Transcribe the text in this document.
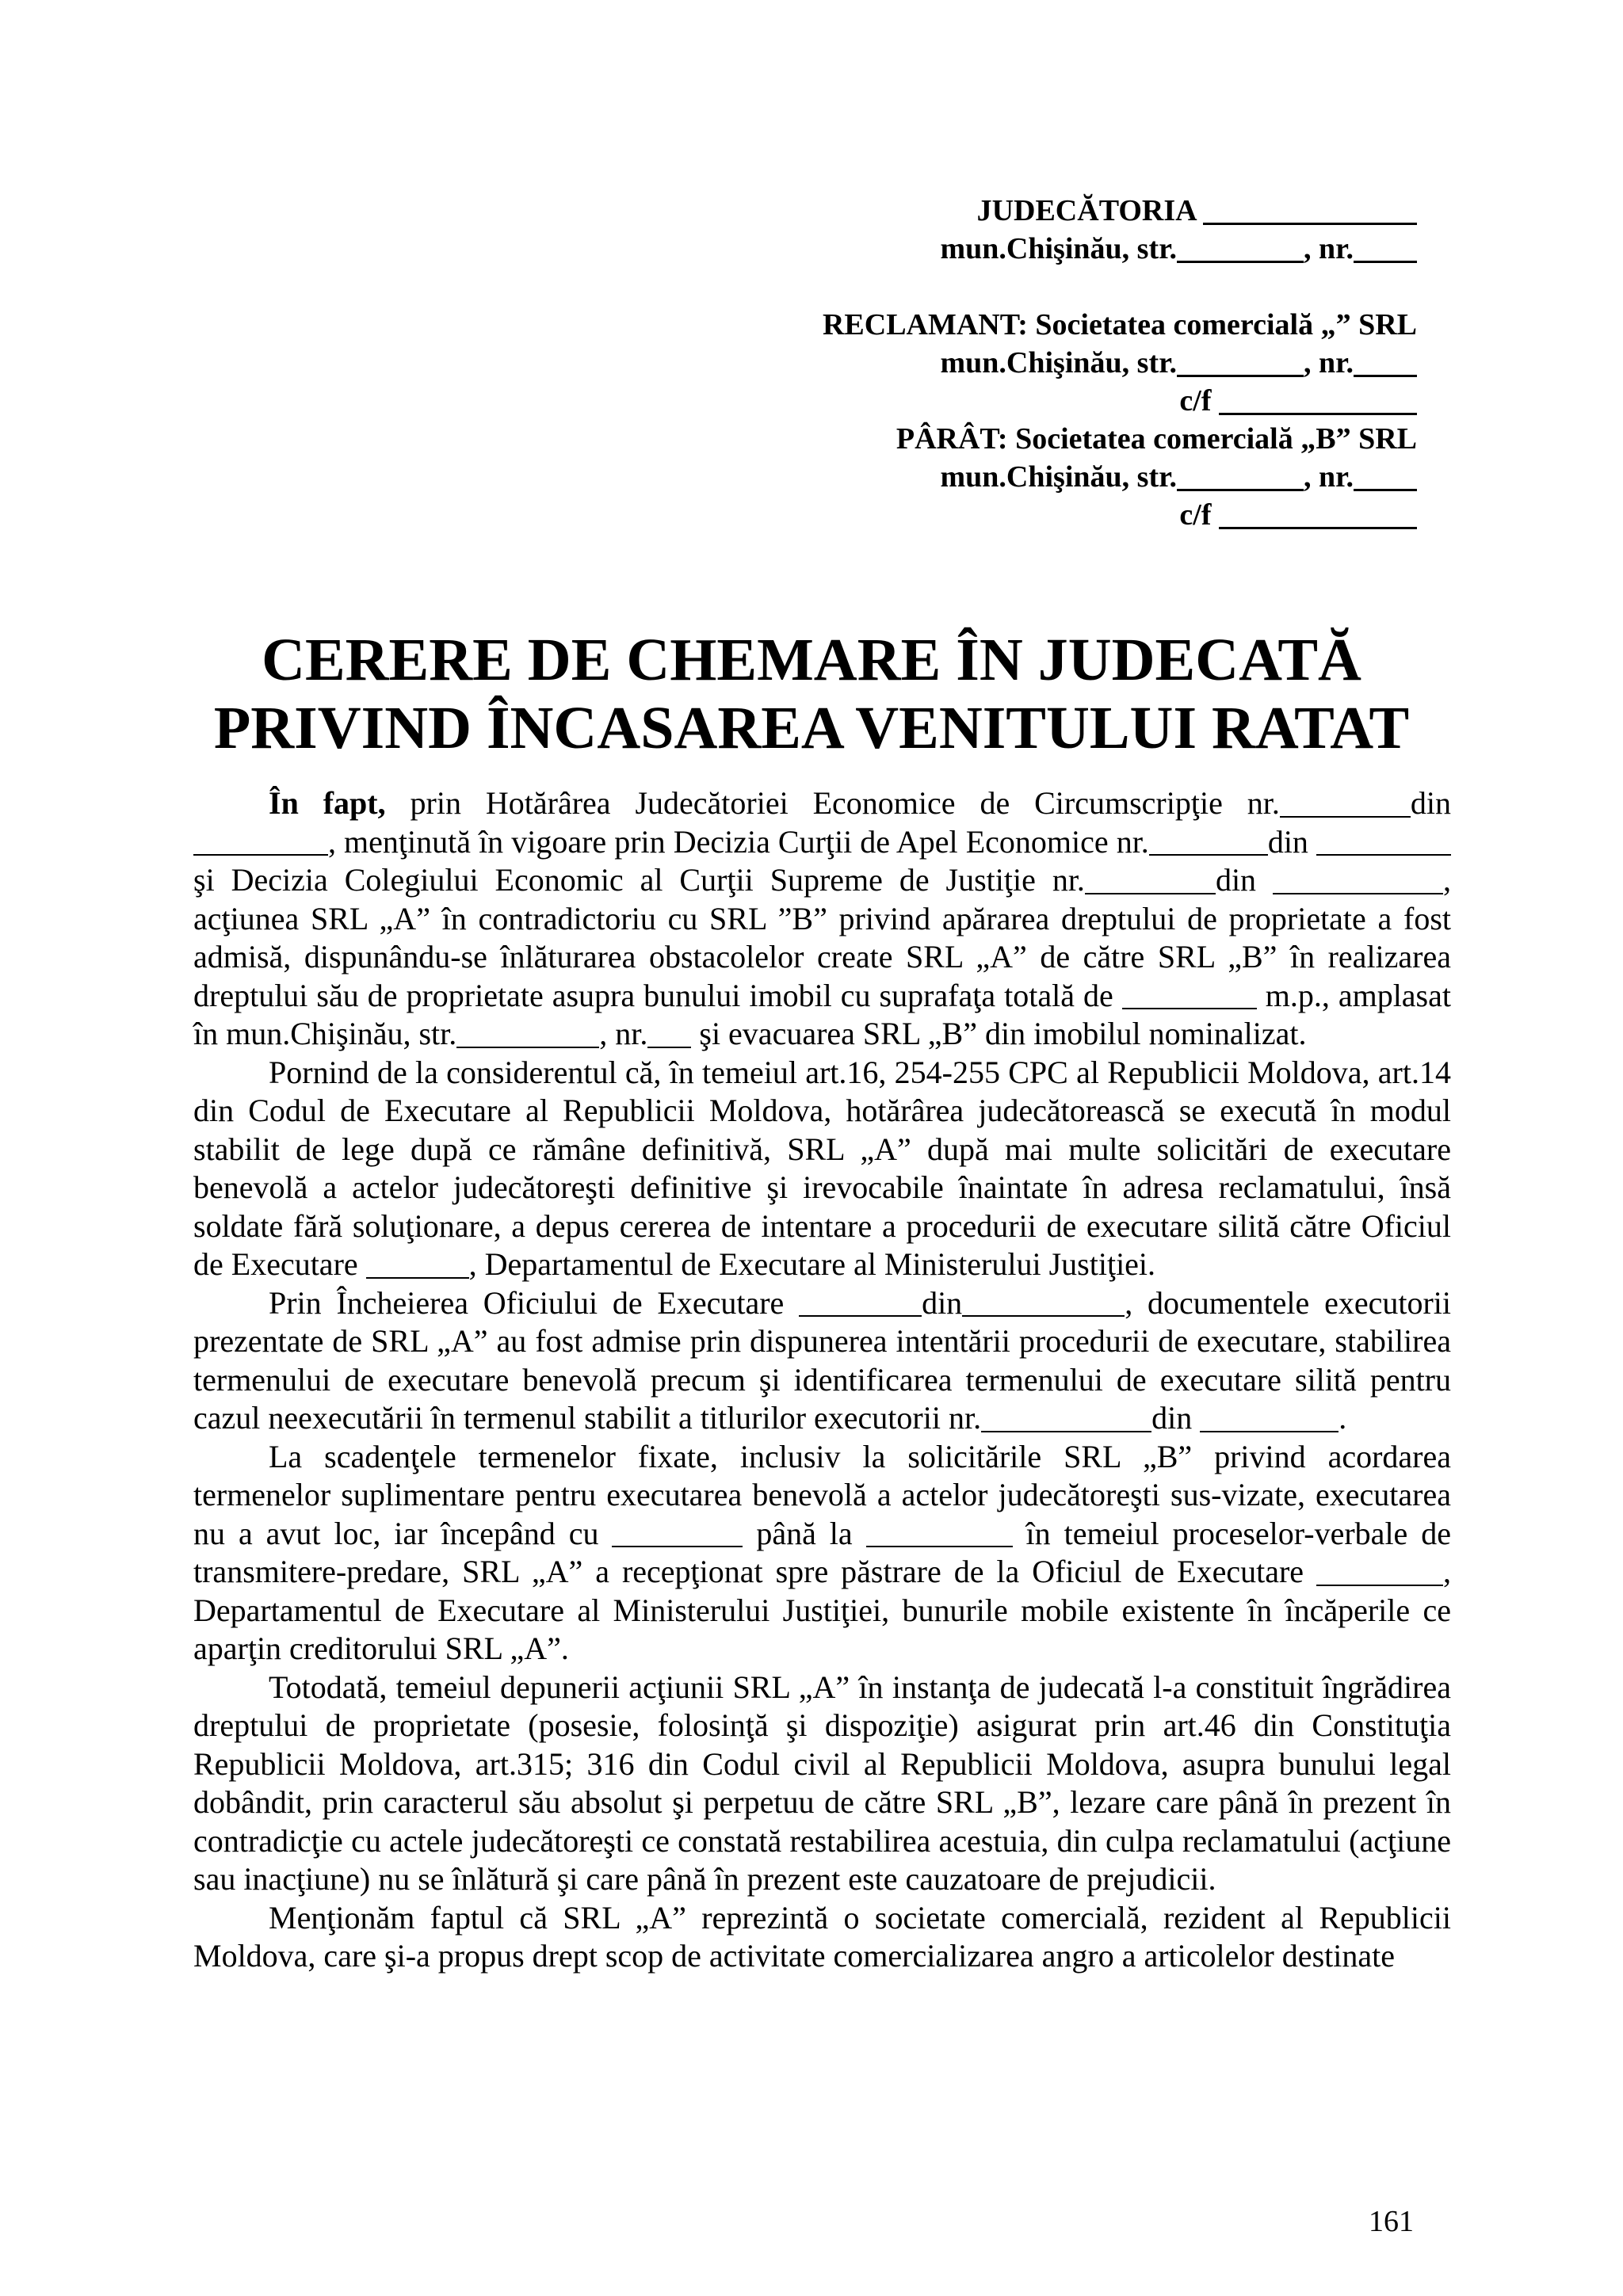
JUDECĂTORIA
mun.Chişinău, str.	, nr.
RECLAMANT: Societatea comercială „” SRL
mun.Chişinău, str.	, nr.
c/f
PÂRÂT: Societatea comercială „B” SRL
mun.Chişinău, str.	, nr.
c/f
CERERE DE CHEMARE ÎN JUDECATĂ
PRIVIND ÎNCASAREA VENITULUI RATAT

În fapt, prin Hotărârea Judecătoriei Economice de Circumscripţie nr.	din , menţinută în vigoare prin Decizia Curţii de Apel Economice nr.	din  şi Decizia Colegiului Economic al Curţii Supreme de Justiţie nr.	din	, acţiunea SRL „A” în contradictoriu cu SRL ”B” privind apărarea dreptului de proprietate a fost admisă, dispunându-se înlăturarea obstacolelor create SRL „A” de către SRL „B” în realizarea dreptului său de proprietate asupra bunului imobil cu suprafaţa totală de	m.p., amplasat în mun.Chişinău, str.	, nr. şi evacuarea SRL „B” din imobilul nominalizat.

Pornind de la considerentul că, în temeiul art.16, 254-255 CPC al Republicii Moldova, art.14 din Codul de Executare al Republicii Moldova, hotărârea judecătorească se execută în modul stabilit de lege după ce rămâne definitivă, SRL „A” după mai multe solicitări de executare benevolă a actelor judecătoreşti definitive şi irevocabile înaintate în adresa reclamatului, însă soldate fără soluţionare, a depus cererea de intentare a procedurii de executare silită către Oficiul de Executare	, Departamentul de Executare al Ministerului Justiţiei.

Prin Încheierea Oficiului de Executare	din	, documentele executorii prezentate de SRL „A” au fost admise prin dispunerea intentării procedurii de executare, stabilirea termenului de executare benevolă precum şi identificarea termenului de executare silită pentru cazul neexecutării în termenul stabilit a titlurilor executorii nr.	din	.

La scadenţele termenelor fixate, inclusiv la solicitările SRL „B” privind acordarea termenelor suplimentare pentru executarea benevolă a actelor judecătoreşti sus-vizate, executarea nu a avut loc, iar începând cu	până la	în temeiul proceselor-verbale de transmitere-predare, SRL „A” a recepţionat spre păstrare de la Oficiul de Executare	, Departamentul de Executare al Ministerului Justiţiei, bunurile mobile existente în încăperile ce aparţin creditorului SRL „A”.

Totodată, temeiul depunerii acţiunii SRL „A” în instanţa de judecată l-a constituit îngrădirea dreptului de proprietate (posesie, folosinţă şi dispoziţie) asigurat prin art.46 din Constituţia Republicii Moldova, art.315; 316 din Codul civil al Republicii Moldova, asupra bunului legal dobândit, prin caracterul său absolut şi perpetuu de către SRL „B”, lezare care până în prezent în contradicţie cu actele judecătoreşti ce constată restabilirea acestuia, din culpa reclamatului (acţiune sau inacţiune) nu se înlătură şi care până în prezent este cauzatoare de prejudicii.

Menţionăm faptul că SRL „A” reprezintă o societate comercială, rezident al Republicii Moldova, care şi-a propus drept scop de activitate comercializarea angro a articolelor destinate

161
